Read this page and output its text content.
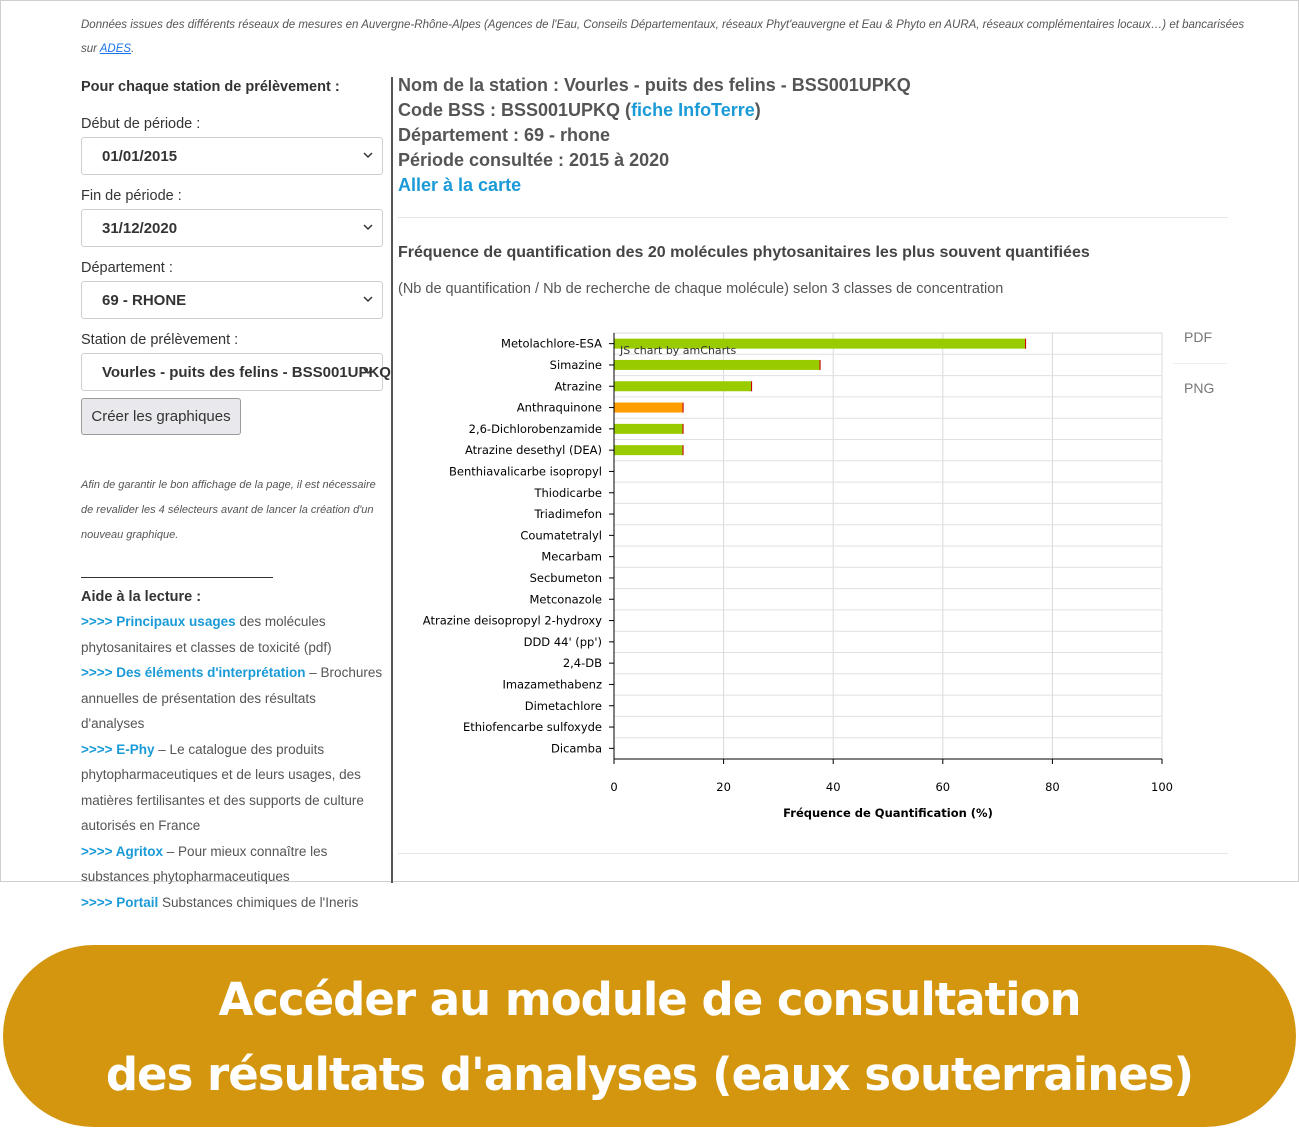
Données issues des différents réseaux de mesures en Auvergne-Rhône-Alpes (Agences de l'Eau, Conseils Départementaux, réseaux Phyt'eauvergne et Eau & Phyto en AURA, réseaux complémentaires locaux…) et bancarisées sur ADES.
Pour chaque station de prélèvement :
Début de période :
01/01/2015
Fin de période :
31/12/2020
Département :
69 - RHONE
Station de prélèvement :
Vourles - puits des felins - BSS001UPKQ
Créer les graphiques
Afin de garantir le bon affichage de la page, il est nécessaire de revalider les 4 sélecteurs avant de lancer la création d'un nouveau graphique.
Aide à la lecture :
>>>> Principaux usages des molécules phytosanitaires et classes de toxicité (pdf)
>>>> Des éléments d'interprétation – Brochures annuelles de présentation des résultats d'analyses
>>>> E-Phy – Le catalogue des produits phytopharmaceutiques et de leurs usages, des matières fertilisantes et des supports de culture autorisés en France
>>>> Agritox – Pour mieux connaître les substances phytopharmaceutiques
>>>> Portail Substances chimiques de l'Ineris
Nom de la station : Vourles - puits des felins - BSS001UPKQ
Code BSS : BSS001UPKQ (fiche InfoTerre)
Département : 69 - rhone
Période consultée : 2015 à 2020
Aller à la carte
Fréquence de quantification des 20 molécules phytosanitaires les plus souvent quantifiées
(Nb de quantification / Nb de recherche de chaque molécule) selon 3 classes de concentration
Metolachlore-ESA
Simazine
Atrazine
Anthraquinone
2,6-Dichlorobenzamide
Atrazine desethyl (DEA)
Benthiavalicarbe isopropyl
Thiodicarbe
Triadimefon
Coumatetralyl
Mecarbam
Secbumeton
Metconazole
Atrazine deisopropyl 2-hydroxy
DDD 44' (pp')
2,4-DB
Imazamethabenz
Dimetachlore
Ethiofencarbe sulfoxyde
Dicamba
0	20	40	60	80	100
Fréquence de Quantification (%)
JS chart by amCharts
PDF
PNG
Accéder au module de consultation
des résultats d'analyses (eaux souterraines)
